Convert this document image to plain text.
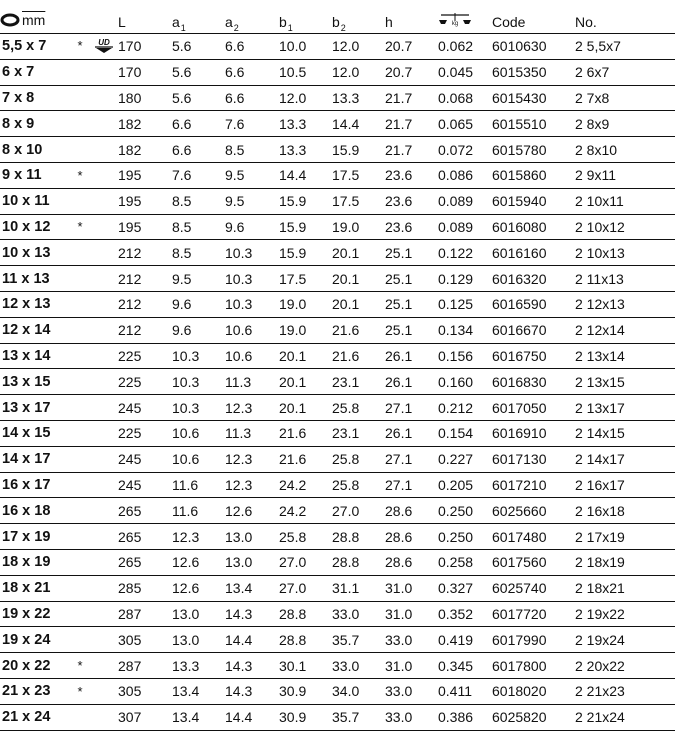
$\overline{mm}$		L	$a_1$	$a_2$	$b_1$	$b_2$	h	kg	Code	No.
5,5 x 7	* UD	170	5.6	6.6	10.0	12.0	20.7	0.062	6010630	2 5,5x7
6 x 7		170	5.6	6.6	10.5	12.0	20.7	0.045	6015350	2 6x7
7 x 8		180	5.6	6.6	12.0	13.3	21.7	0.068	6015430	2 7x8
8 x 9		182	6.6	7.6	13.3	14.4	21.7	0.065	6015510	2 8x9
8 x 10		182	6.6	8.5	13.3	15.9	21.7	0.072	6015780	2 8x10
9 x 11	*	195	7.6	9.5	14.4	17.5	23.6	0.086	6015860	2 9x11
10 x 11		195	8.5	9.5	15.9	17.5	23.6	0.089	6015940	2 10x11
10 x 12	*	195	8.5	9.6	15.9	19.0	23.6	0.089	6016080	2 10x12
10 x 13		212	8.5	10.3	15.9	20.1	25.1	0.122	6016160	2 10x13
11 x 13		212	9.5	10.3	17.5	20.1	25.1	0.129	6016320	2 11x13
12 x 13		212	9.6	10.3	19.0	20.1	25.1	0.125	6016590	2 12x13
12 x 14		212	9.6	10.6	19.0	21.6	25.1	0.134	6016670	2 12x14
13 x 14		225	10.3	10.6	20.1	21.6	26.1	0.156	6016750	2 13x14
13 x 15		225	10.3	11.3	20.1	23.1	26.1	0.160	6016830	2 13x15
13 x 17		245	10.3	12.3	20.1	25.8	27.1	0.212	6017050	2 13x17
14 x 15		225	10.6	11.3	21.6	23.1	26.1	0.154	6016910	2 14x15
14 x 17		245	10.6	12.3	21.6	25.8	27.1	0.227	6017130	2 14x17
16 x 17		245	11.6	12.3	24.2	25.8	27.1	0.205	6017210	2 16x17
16 x 18		265	11.6	12.6	24.2	27.0	28.6	0.250	6025660	2 16x18
17 x 19		265	12.3	13.0	25.8	28.8	28.6	0.250	6017480	2 17x19
18 x 19		265	12.6	13.0	27.0	28.8	28.6	0.258	6017560	2 18x19
18 x 21		285	12.6	13.4	27.0	31.1	31.0	0.327	6025740	2 18x21
19 x 22		287	13.0	14.3	28.8	33.0	31.0	0.352	6017720	2 19x22
19 x 24		305	13.0	14.4	28.8	35.7	33.0	0.419	6017990	2 19x24
20 x 22	*	287	13.3	14.3	30.1	33.0	31.0	0.345	6017800	2 20x22
21 x 23	*	305	13.4	14.3	30.9	34.0	33.0	0.411	6018020	2 21x23
21 x 24		307	13.4	14.4	30.9	35.7	33.0	0.386	6025820	2 21x24
